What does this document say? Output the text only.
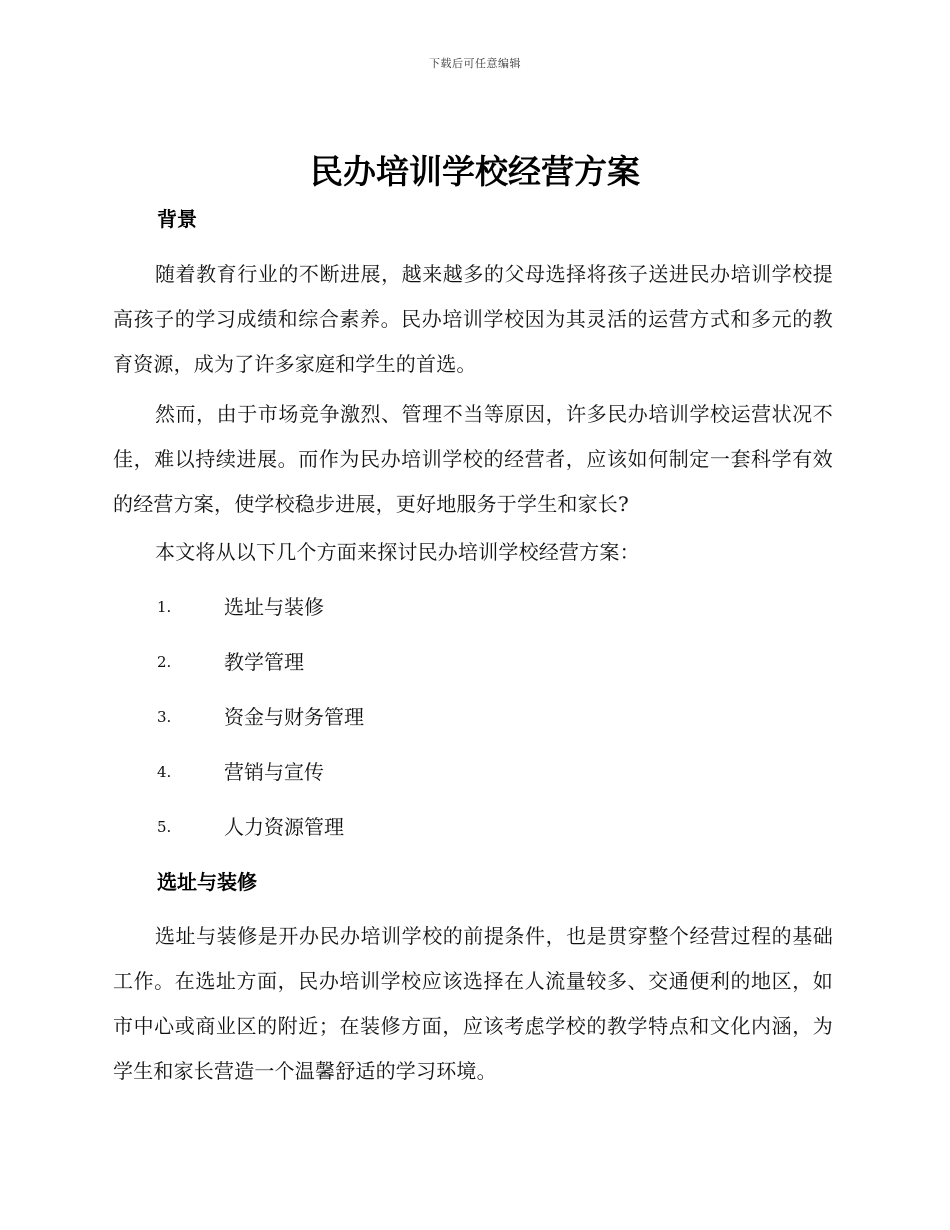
下载后可任意编辑
民办培训学校经营方案
背景

随着教育行业的不断进展，越来越多的父母选择将孩子送进民办培训学校提高孩子的学习成绩和综合素养。民办培训学校因为其灵活的运营方式和多元的教育资源，成为了许多家庭和学生的首选。

然而，由于市场竞争激烈、管理不当等原因，许多民办培训学校运营状况不佳，难以持续进展。而作为民办培训学校的经营者，应该如何制定一套科学有效的经营方案，使学校稳步进展，更好地服务于学生和家长?

本文将从以下几个方面来探讨民办培训学校经营方案：

1.	选址与装修
2.	教学管理
3.	资金与财务管理
4.	营销与宣传
5.	人力资源管理
选址与装修

选址与装修是开办民办培训学校的前提条件，也是贯穿整个经营过程的基础工作。在选址方面，民办培训学校应该选择在人流量较多、交通便利的地区，如市中心或商业区的附近；在装修方面，应该考虑学校的教学特点和文化内涵，为学生和家长营造一个温馨舒适的学习环境。
